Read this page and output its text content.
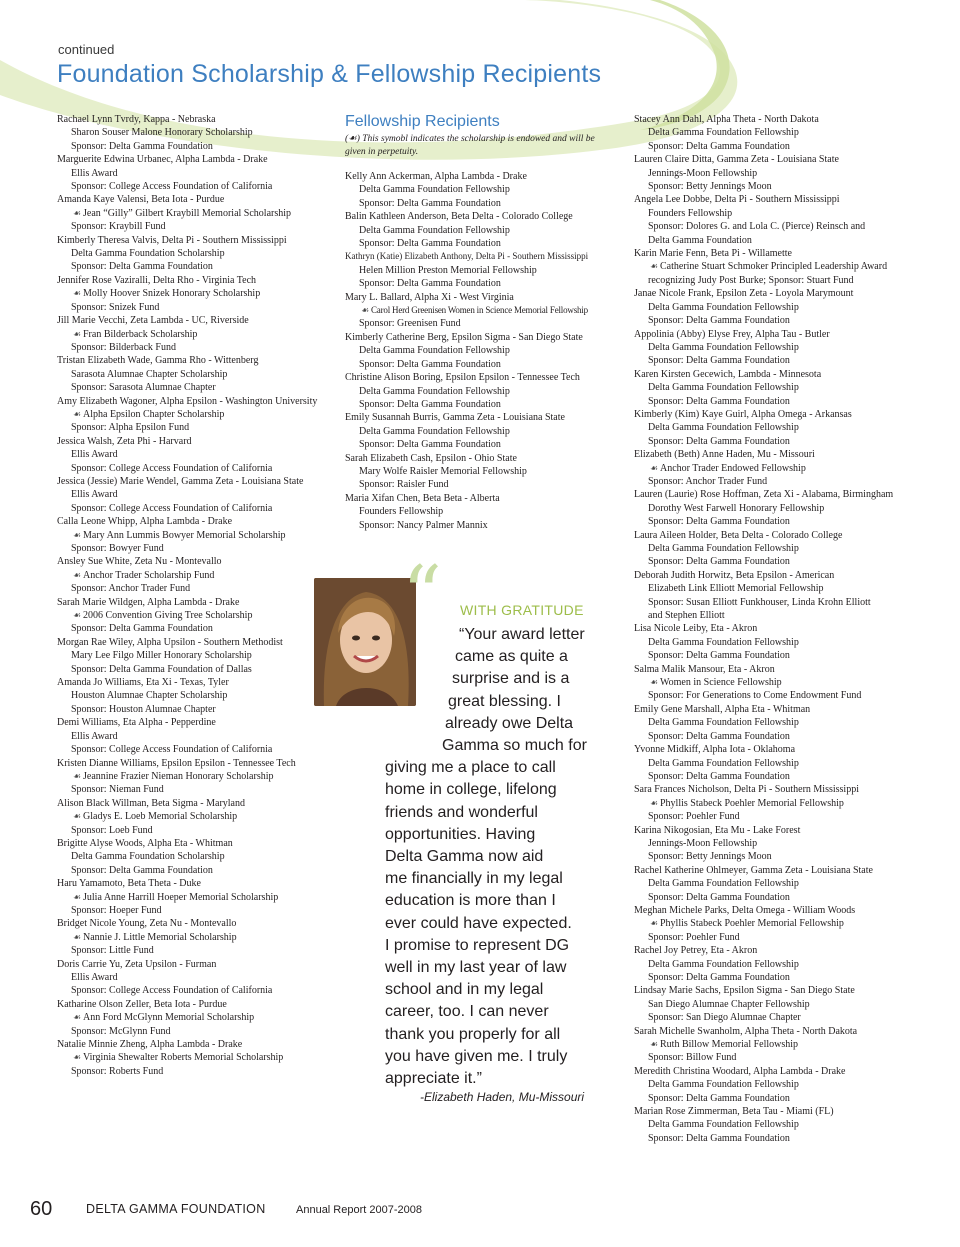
continued
Foundation Scholarship & Fellowship Recipients
Rachael Lynn Tvrdy, Kappa - Nebraska
Sharon Souser Malone Honorary Scholarship
Sponsor: Delta Gamma Foundation
Marguerite Edwina Urbanec, Alpha Lambda - Drake
Ellis Award
Sponsor: College Access Foundation of California
Amanda Kaye Valensi, Beta Iota - Purdue
☙ Jean “Gilly” Gilbert Kraybill Memorial Scholarship
Sponsor: Kraybill Fund
Kimberly Theresa Valvis, Delta Pi - Southern Mississippi
Delta Gamma Foundation Scholarship
Sponsor: Delta Gamma Foundation
Jennifer Rose Vaziralli, Delta Rho - Virginia Tech
☙ Molly Hoover Snizek Honorary Scholarship
Sponsor: Snizek Fund
Jill Marie Vecchi, Zeta Lambda - UC, Riverside
☙ Fran Bilderback Scholarship
Sponsor: Bilderback Fund
Tristan Elizabeth Wade, Gamma Rho - Wittenberg
Sarasota Alumnae Chapter Scholarship
Sponsor: Sarasota Alumnae Chapter
Amy Elizabeth Wagoner, Alpha Epsilon - Washington University
☙ Alpha Epsilon Chapter Scholarship
Sponsor: Alpha Epsilon Fund
Jessica Walsh, Zeta Phi - Harvard
Ellis Award
Sponsor: College Access Foundation of California
Jessica (Jessie) Marie Wendel, Gamma Zeta - Louisiana State
Ellis Award
Sponsor: College Access Foundation of California
Calla Leone Whipp, Alpha Lambda - Drake
☙ Mary Ann Lummis Bowyer Memorial Scholarship
Sponsor: Bowyer Fund
Ansley Sue White, Zeta Nu - Montevallo
☙ Anchor Trader Scholarship Fund
Sponsor: Anchor Trader Fund
Sarah Marie Wildgen, Alpha Lambda - Drake
☙ 2006 Convention Giving Tree Scholarship
Sponsor: Delta Gamma Foundation
Morgan Rae Wiley, Alpha Upsilon - Southern Methodist
Mary Lee Filgo Miller Honorary Scholarship
Sponsor: Delta Gamma Foundation of Dallas
Amanda Jo Williams, Eta Xi - Texas, Tyler
Houston Alumnae Chapter Scholarship
Sponsor: Houston Alumnae Chapter
Demi Williams, Eta Alpha - Pepperdine
Ellis Award
Sponsor: College Access Foundation of California
Kristen Dianne Williams, Epsilon Epsilon - Tennessee Tech
☙ Jeannine Frazier Nieman Honorary Scholarship
Sponsor: Nieman Fund
Alison Black Willman, Beta Sigma - Maryland
☙ Gladys E. Loeb Memorial Scholarship
Sponsor: Loeb Fund
Brigitte Alyse Woods, Alpha Eta - Whitman
Delta Gamma Foundation Scholarship
Sponsor: Delta Gamma Foundation
Haru Yamamoto, Beta Theta - Duke
☙ Julia Anne Harrill Hoeper Memorial Scholarship
Sponsor: Hoeper Fund
Bridget Nicole Young, Zeta Nu - Montevallo
☙ Nannie J. Little Memorial Scholarship
Sponsor: Little Fund
Doris Carrie Yu, Zeta Upsilon - Furman
Ellis Award
Sponsor: College Access Foundation of California
Katharine Olson Zeller, Beta Iota - Purdue
☙ Ann Ford McGlynn Memorial Scholarship
Sponsor: McGlynn Fund
Natalie Minnie Zheng, Alpha Lambda - Drake
☙ Virginia Shewalter Roberts Memorial Scholarship
Sponsor: Roberts Fund
Fellowship Recipients
(☙) This symobl indicates the scholarship is endowed and will be given in perpetuity.
Kelly Ann Ackerman, Alpha Lambda - Drake
Delta Gamma Foundation Fellowship
Sponsor: Delta Gamma Foundation
Balin Kathleen Anderson, Beta Delta - Colorado College
Delta Gamma Foundation Fellowship
Sponsor: Delta Gamma Foundation
Kathryn (Katie) Elizabeth Anthony, Delta Pi - Southern Mississippi
Helen Million Preston Memorial Fellowship
Sponsor: Delta Gamma Foundation
Mary L. Ballard, Alpha Xi - West Virginia
☙ Carol Herd Greenisen Women in Science Memorial Fellowship
Sponsor: Greenisen Fund
Kimberly Catherine Berg, Epsilon Sigma - San Diego State
Delta Gamma Foundation Fellowship
Sponsor: Delta Gamma Foundation
Christine Alison Boring, Epsilon Epsilon - Tennessee Tech
Delta Gamma Foundation Fellowship
Sponsor: Delta Gamma Foundation
Emily Susannah Burris, Gamma Zeta - Louisiana State
Delta Gamma Foundation Fellowship
Sponsor: Delta Gamma Foundation
Sarah Elizabeth Cash, Epsilon - Ohio State
Mary Wolfe Raisler Memorial Fellowship
Sponsor: Raisler Fund
Maria Xifan Chen, Beta Beta - Alberta
Founders Fellowship
Sponsor: Nancy Palmer Mannix
Stacey Ann Dahl, Alpha Theta - North Dakota
Delta Gamma Foundation Fellowship
Sponsor: Delta Gamma Foundation
Lauren Claire Ditta, Gamma Zeta - Louisiana State
Jennings-Moon Fellowship
Sponsor: Betty Jennings Moon
Angela Lee Dobbe, Delta Pi - Southern Mississippi
Founders Fellowship
Sponsor: Dolores G. and Lola C. (Pierce) Reinsch and
Delta Gamma Foundation
Karin Marie Fenn, Beta Pi - Willamette
☙ Catherine Stuart Schmoker Principled Leadership Award
recognizing Judy Post Burke; Sponsor: Stuart Fund
Janae Nicole Frank, Epsilon Zeta - Loyola Marymount
Delta Gamma Foundation Fellowship
Sponsor: Delta Gamma Foundation
Appolinia (Abby) Elyse Frey, Alpha Tau - Butler
Delta Gamma Foundation Fellowship
Sponsor: Delta Gamma Foundation
Karen Kirsten Gecewich, Lambda - Minnesota
Delta Gamma Foundation Fellowship
Sponsor: Delta Gamma Foundation
Kimberly (Kim) Kaye Guirl, Alpha Omega - Arkansas
Delta Gamma Foundation Fellowship
Sponsor: Delta Gamma Foundation
Elizabeth (Beth) Anne Haden, Mu - Missouri
☙ Anchor Trader Endowed Fellowship
Sponsor: Anchor Trader Fund
Lauren (Laurie) Rose Hoffman, Zeta Xi - Alabama, Birmingham
Dorothy West Farwell Honorary Fellowship
Sponsor: Delta Gamma Foundation
Laura Aileen Holder, Beta Delta - Colorado College
Delta Gamma Foundation Fellowship
Sponsor: Delta Gamma Foundation
Deborah Judith Horwitz, Beta Epsilon - American
Elizabeth Link Elliott Memorial Fellowship
Sponsor: Susan Elliott Funkhouser, Linda Krohn Elliott
and Stephen Elliott
Lisa Nicole Leiby, Eta - Akron
Delta Gamma Foundation Fellowship
Sponsor: Delta Gamma Foundation
Salma Malik Mansour, Eta - Akron
☙ Women in Science Fellowship
Sponsor: For Generations to Come Endowment Fund
Emily Gene Marshall, Alpha Eta - Whitman
Delta Gamma Foundation Fellowship
Sponsor: Delta Gamma Foundation
Yvonne Midkiff, Alpha Iota - Oklahoma
Delta Gamma Foundation Fellowship
Sponsor: Delta Gamma Foundation
Sara Frances Nicholson, Delta Pi - Southern Mississippi
☙ Phyllis Stabeck Poehler Memorial Fellowship
Sponsor: Poehler Fund
Karina Nikogosian, Eta Mu - Lake Forest
Jennings-Moon Fellowship
Sponsor: Betty Jennings Moon
Rachel Katherine Ohlmeyer, Gamma Zeta - Louisiana State
Delta Gamma Foundation Fellowship
Sponsor: Delta Gamma Foundation
Meghan Michele Parks, Delta Omega - William Woods
☙ Phyllis Stabeck Poehler Memorial Fellowship
Sponsor: Poehler Fund
Rachel Joy Petrey, Eta - Akron
Delta Gamma Foundation Fellowship
Sponsor: Delta Gamma Foundation
Lindsay Marie Sachs, Epsilon Sigma - San Diego State
San Diego Alumnae Chapter Fellowship
Sponsor: San Diego Alumnae Chapter
Sarah Michelle Swanholm, Alpha Theta - North Dakota
☙ Ruth Billow Memorial Fellowship
Sponsor: Billow Fund
Meredith Christina Woodard, Alpha Lambda - Drake
Delta Gamma Foundation Fellowship
Sponsor: Delta Gamma Foundation
Marian Rose Zimmerman, Beta Tau - Miami (FL)
Delta Gamma Foundation Fellowship
Sponsor: Delta Gamma Foundation
“ WITH GRATITUDE
“Your award letter
came as quite a
surprise and is a
great blessing. I
already owe Delta
Gamma so much for
giving me a place to call
home in college, lifelong
friends and wonderful
opportunities. Having
Delta Gamma now aid
me financially in my legal
education is more than I
ever could have expected.
I promise to represent DG
well in my last year of law
school and in my legal
career, too. I can never
thank you properly for all
you have given me. I truly
appreciate it.”
-Elizabeth Haden, Mu-Missouri
60	DELTA GAMMA FOUNDATION	Annual Report 2007-2008
